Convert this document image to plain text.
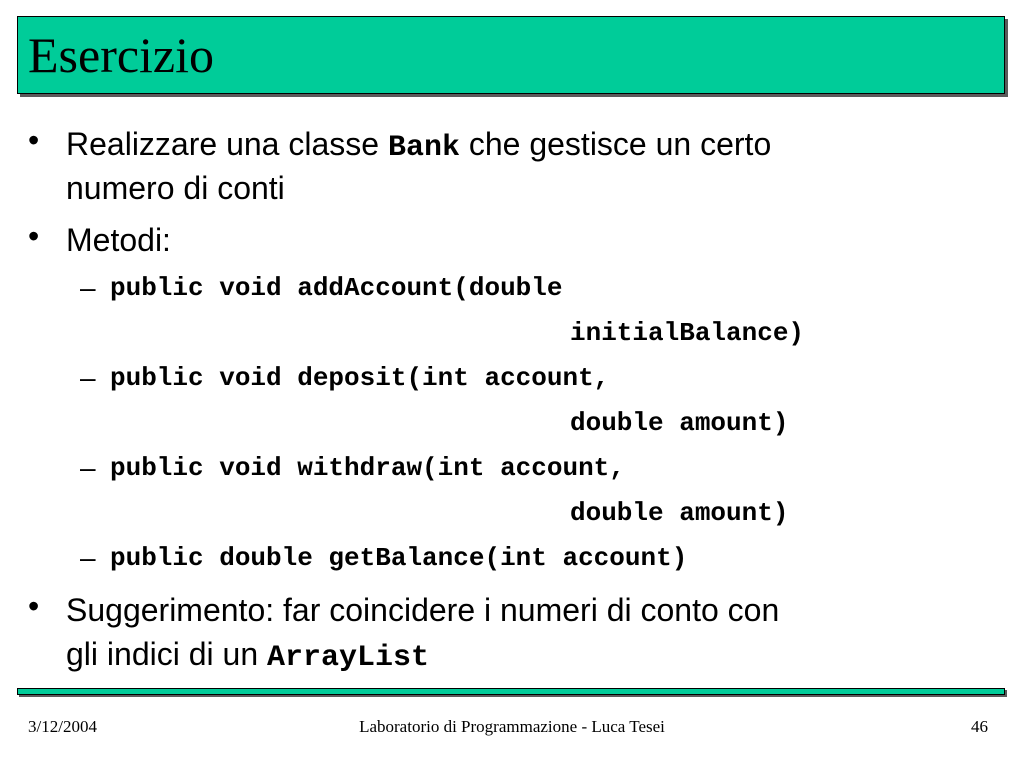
Esercizio
• Realizzare una classe Bank che gestisce un certo
numero di conti
• Metodi:
– public void addAccount(double
initialBalance)
– public void deposit(int account,
double amount)
– public void withdraw(int account,
double amount)
– public double getBalance(int account)
• Suggerimento: far coincidere i numeri di conto con
gli indici di un ArrayList
3/12/2004	Laboratorio di Programmazione - Luca Tesei	46
